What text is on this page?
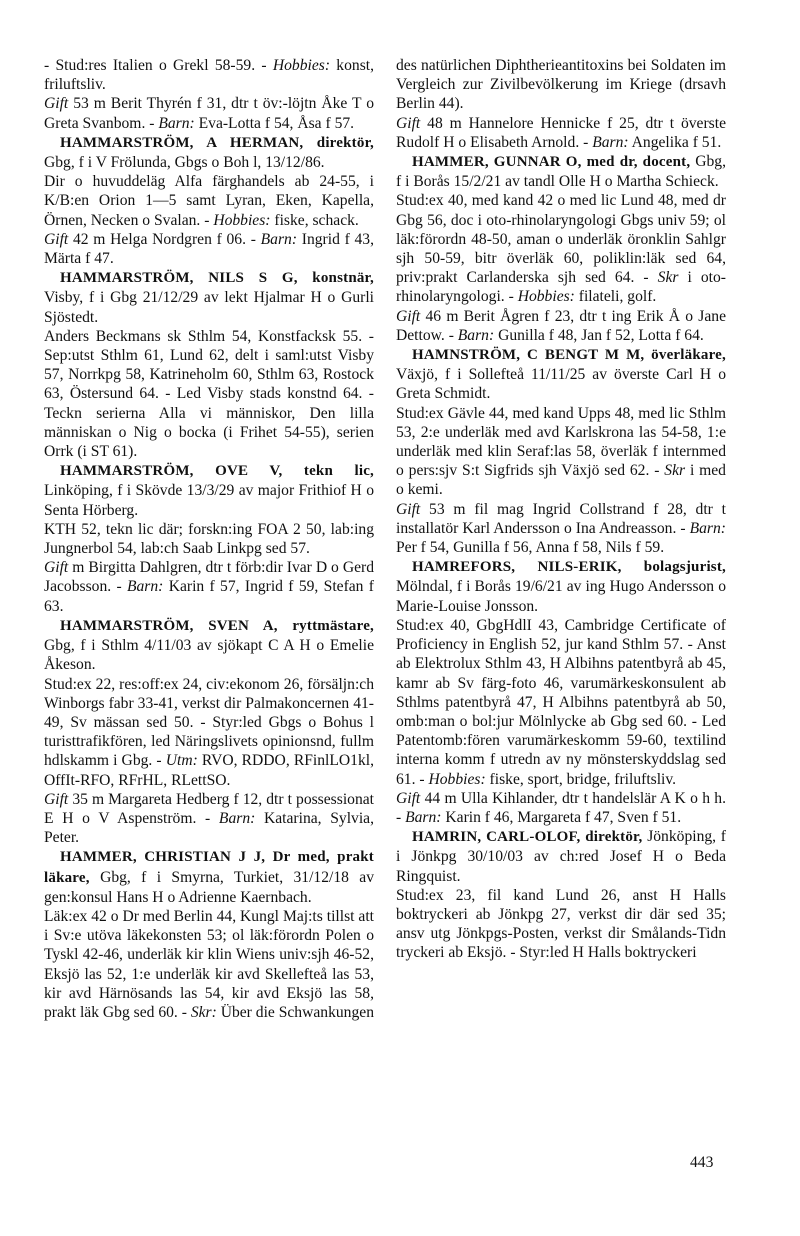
- Stud:res Italien o Grekl 58-59. - Hobbies: konst, friluftsliv.

Gift 53 m Berit Thyrén f 31, dtr t öv:-löjtn Åke T o Greta Svanbom. - Barn: Eva-Lotta f 54, Åsa f 57.

HAMMARSTRÖM, A HERMAN, direktör, Gbg, f i V Frölunda, Gbgs o Boh l, 13/12/86.

Dir o huvuddeläg Alfa färghandels ab 24-55, i K/B:en Orion 1—5 samt Lyran, Eken, Kapella, Örnen, Necken o Svalan. - Hobbies: fiske, schack.

Gift 42 m Helga Nordgren f 06. - Barn: Ingrid f 43, Märta f 47.

HAMMARSTRÖM, NILS S G, konstnär, Visby, f i Gbg 21/12/29 av lekt Hjalmar H o Gurli Sjöstedt.

Anders Beckmans sk Sthlm 54, Konstfacksk 55. - Sep:utst Sthlm 61, Lund 62, delt i saml:utst Visby 57, Norrkpg 58, Katrineholm 60, Sthlm 63, Rostock 63, Östersund 64. - Led Visby stads konstnd 64. - Teckn serierna Alla vi människor, Den lilla människan o Nig o bocka (i Frihet 54-55), serien Orrk (i ST 61).

HAMMARSTRÖM, OVE V, tekn lic, Linköping, f i Skövde 13/3/29 av major Frithiof H o Senta Hörberg.

KTH 52, tekn lic där; forskn:ing FOA 2 50, lab:ing Jungnerbol 54, lab:ch Saab Linkpg sed 57.

Gift m Birgitta Dahlgren, dtr t förb:dir Ivar D o Gerd Jacobsson. - Barn: Karin f 57, Ingrid f 59, Stefan f 63.

HAMMARSTRÖM, SVEN A, ryttmästare, Gbg, f i Sthlm 4/11/03 av sjökapt C A H o Emelie Åkeson.

Stud:ex 22, res:off:ex 24, civ:ekonom 26, försäljn:ch Winborgs fabr 33-41, verkst dir Palmakoncernen 41-49, Sv mässan sed 50. - Styr:led Gbgs o Bohus l turisttrafikfören, led Näringslivets opinionsnd, fullm hdlskamm i Gbg. - Utm: RVO, RDDO, RFinlLO1kl, OffIt-RFO, RFrHL, RLettSO.

Gift 35 m Margareta Hedberg f 12, dtr t possessionat E H o V Aspenström. - Barn: Katarina, Sylvia, Peter.

HAMMER, CHRISTIAN J J, Dr med, prakt läkare, Gbg, f i Smyrna, Turkiet, 31/12/18 av gen:konsul Hans H o Adrienne Kaernbach.

Läk:ex 42 o Dr med Berlin 44, Kungl Maj:ts tillst att i Sv:e utöva läkekonsten 53; ol läk:förordn Polen o Tyskl 42-46, underläk kir klin Wiens univ:sjh 46-52, Eksjö las 52, 1:e underläk kir avd Skellefteå las 53, kir avd Härnösands las 54, kir avd Eksjö las 58, prakt läk Gbg sed 60. - Skr: Über die Schwankungen

des natürlichen Diphtherieantitoxins bei Soldaten im Vergleich zur Zivilbevölkerung im Kriege (drsavh Berlin 44).

Gift 48 m Hannelore Hennicke f 25, dtr t överste Rudolf H o Elisabeth Arnold. - Barn: Angelika f 51.

HAMMER, GUNNAR O, med dr, docent, Gbg, f i Borås 15/2/21 av tandl Olle H o Martha Schieck.

Stud:ex 40, med kand 42 o med lic Lund 48, med dr Gbg 56, doc i oto-rhinolaryngologi Gbgs univ 59; ol läk:förordn 48-50, aman o underläk öronklin Sahlgr sjh 50-59, bitr överläk 60, poliklin:läk sed 64, priv:prakt Carlanderska sjh sed 64. - Skr i oto-rhinolaryngologi. - Hobbies: filateli, golf.

Gift 46 m Berit Ågren f 23, dtr t ing Erik Å o Jane Dettow. - Barn: Gunilla f 48, Jan f 52, Lotta f 64.

HAMNSTRÖM, C BENGT M M, överläkare, Växjö, f i Sollefteå 11/11/25 av överste Carl H o Greta Schmidt.

Stud:ex Gävle 44, med kand Upps 48, med lic Sthlm 53, 2:e underläk med avd Karlskrona las 54-58, 1:e underläk med klin Seraf:las 58, överläk f internmed o pers:sjv S:t Sigfrids sjh Växjö sed 62. - Skr i med o kemi.

Gift 53 m fil mag Ingrid Collstrand f 28, dtr t installatör Karl Andersson o Ina Andreasson. - Barn: Per f 54, Gunilla f 56, Anna f 58, Nils f 59.

HAMREFORS, NILS-ERIK, bolagsjurist, Mölndal, f i Borås 19/6/21 av ing Hugo Andersson o Marie-Louise Jonsson.

Stud:ex 40, GbgHdlI 43, Cambridge Certificate of Proficiency in English 52, jur kand Sthlm 57. - Anst ab Elektrolux Sthlm 43, H Albihns patentbyrå ab 45, kamr ab Sv färg-foto 46, varumärkeskonsulent ab Sthlms patentbyrå 47, H Albihns patentbyrå ab 50, omb:man o bol:jur Mölnlycke ab Gbg sed 60. - Led Patentomb:fören varumärkeskomm 59-60, textilind interna komm f utredn av ny mönsterskyddslag sed 61. - Hobbies: fiske, sport, bridge, friluftsliv.

Gift 44 m Ulla Kihlander, dtr t handelslär A K o h h. - Barn: Karin f 46, Margareta f 47, Sven f 51.

HAMRIN, CARL-OLOF, direktör, Jönköping, f i Jönkpg 30/10/03 av ch:red Josef H o Beda Ringquist.

Stud:ex 23, fil kand Lund 26, anst H Halls boktryckeri ab Jönkpg 27, verkst dir där sed 35; ansv utg Jönkpgs-Posten, verkst dir Smålands-Tidn tryckeri ab Eksjö. - Styr:led H Halls boktryckeri

443
